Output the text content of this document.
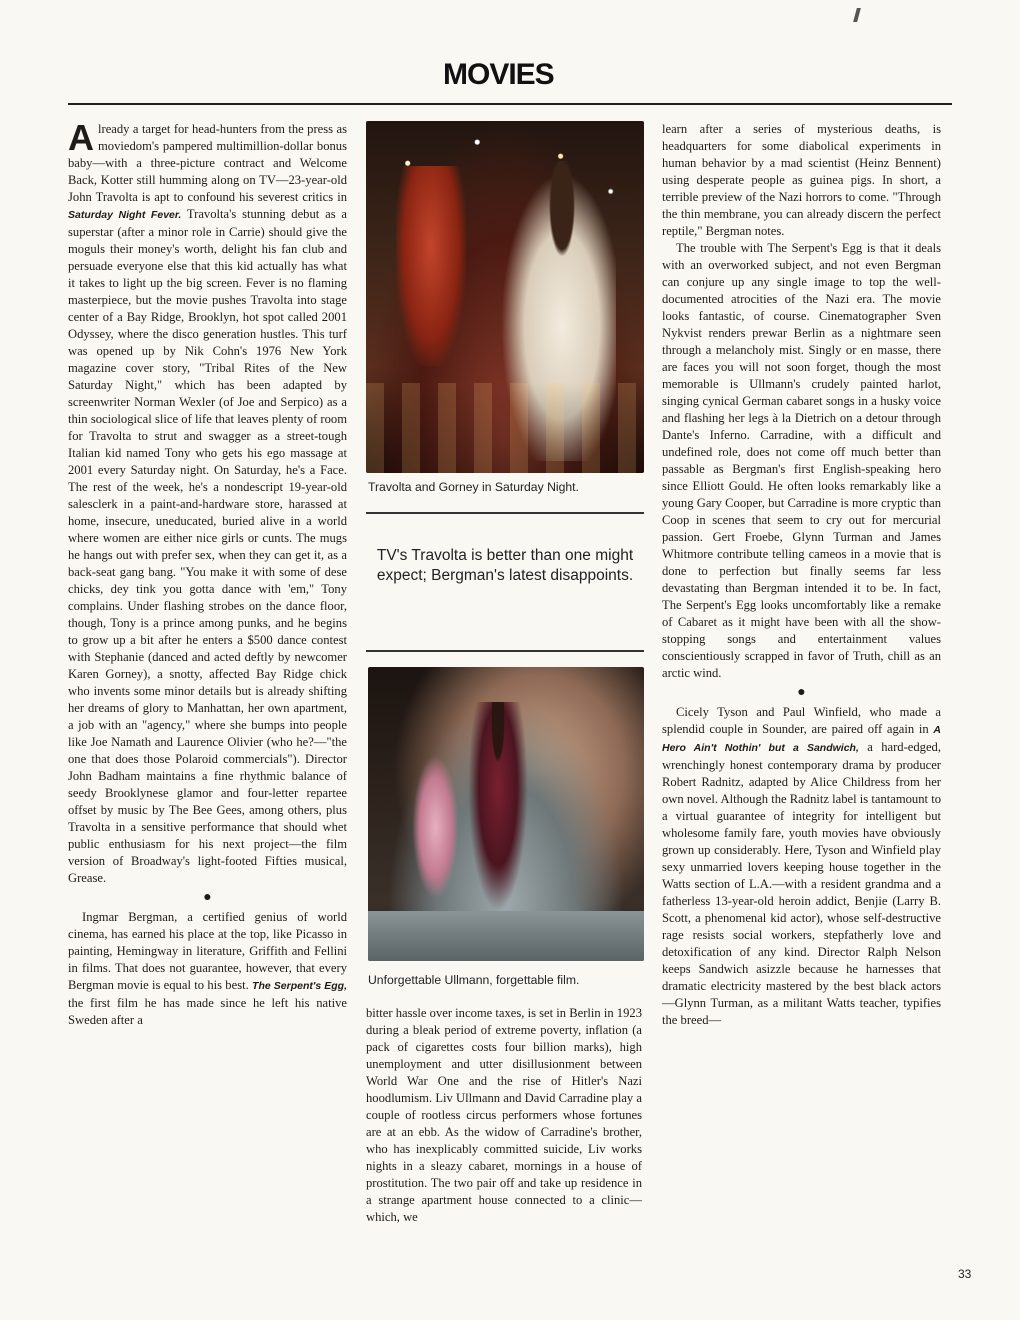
MOVIES

Already a target for head-hunters from the press as moviedom's pampered multimillion-dollar bonus baby—with a three-picture contract and Welcome Back, Kotter still humming along on TV—23-year-old John Travolta is apt to confound his severest critics in Saturday Night Fever. Travolta's stunning debut as a superstar (after a minor role in Carrie) should give the moguls their money's worth, delight his fan club and persuade everyone else that this kid actually has what it takes to light up the big screen. Fever is no flaming masterpiece, but the movie pushes Travolta into stage center of a Bay Ridge, Brooklyn, hot spot called 2001 Odyssey, where the disco generation hustles. This turf was opened up by Nik Cohn's 1976 New York magazine cover story, "Tribal Rites of the New Saturday Night," which has been adapted by screenwriter Norman Wexler (of Joe and Serpico) as a thin sociological slice of life that leaves plenty of room for Travolta to strut and swagger as a street-tough Italian kid named Tony who gets his ego massage at 2001 every Saturday night. On Saturday, he's a Face. The rest of the week, he's a nondescript 19-year-old salesclerk in a paint-and-hardware store, harassed at home, insecure, uneducated, buried alive in a world where women are either nice girls or cunts. The mugs he hangs out with prefer sex, when they can get it, as a back-seat gang bang. "You make it with some of dese chicks, dey tink you gotta dance with 'em," Tony complains. Under flashing strobes on the dance floor, though, Tony is a prince among punks, and he begins to grow up a bit after he enters a $500 dance contest with Stephanie (danced and acted deftly by newcomer Karen Gorney), a snotty, affected Bay Ridge chick who invents some minor details but is already shifting her dreams of glory to Manhattan, her own apartment, a job with an "agency," where she bumps into people like Joe Namath and Laurence Olivier (who he?—"the one that does those Polaroid commercials"). Director John Badham maintains a fine rhythmic balance of seedy Brooklynese glamor and four-letter repartee offset by music by The Bee Gees, among others, plus Travolta in a sensitive performance that should whet public enthusiasm for his next project—the film version of Broadway's light-footed Fifties musical, Grease.

●

Ingmar Bergman, a certified genius of world cinema, has earned his place at the top, like Picasso in painting, Hemingway in literature, Griffith and Fellini in films. That does not guarantee, however, that every Bergman movie is equal to his best. The Serpent's Egg, the first film he has made since he left his native Sweden after a

Travolta and Gorney in Saturday Night.
TV's Travolta is better than one might expect; Bergman's latest disappoints.
Unforgettable Ullmann, forgettable film.

bitter hassle over income taxes, is set in Berlin in 1923 during a bleak period of extreme poverty, inflation (a pack of cigarettes costs four billion marks), high unemployment and utter disillusionment between World War One and the rise of Hitler's Nazi hoodlumism. Liv Ullmann and David Carradine play a couple of rootless circus performers whose fortunes are at an ebb. As the widow of Carradine's brother, who has inexplicably committed suicide, Liv works nights in a sleazy cabaret, mornings in a house of prostitution. The two pair off and take up residence in a strange apartment house connected to a clinic—which, we

learn after a series of mysterious deaths, is headquarters for some diabolical experiments in human behavior by a mad scientist (Heinz Bennent) using desperate people as guinea pigs. In short, a terrible preview of the Nazi horrors to come. "Through the thin membrane, you can already discern the perfect reptile," Bergman notes.

The trouble with The Serpent's Egg is that it deals with an overworked subject, and not even Bergman can conjure up any single image to top the well-documented atrocities of the Nazi era. The movie looks fantastic, of course. Cinematographer Sven Nykvist renders prewar Berlin as a nightmare seen through a melancholy mist. Singly or en masse, there are faces you will not soon forget, though the most memorable is Ullmann's crudely painted harlot, singing cynical German cabaret songs in a husky voice and flashing her legs à la Dietrich on a detour through Dante's Inferno. Carradine, with a difficult and undefined role, does not come off much better than passable as Bergman's first English-speaking hero since Elliott Gould. He often looks remarkably like a young Gary Cooper, but Carradine is more cryptic than Coop in scenes that seem to cry out for mercurial passion. Gert Froebe, Glynn Turman and James Whitmore contribute telling cameos in a movie that is done to perfection but finally seems far less devastating than Bergman intended it to be. In fact, The Serpent's Egg looks uncomfortably like a remake of Cabaret as it might have been with all the show-stopping songs and entertainment values conscientiously scrapped in favor of Truth, chill as an arctic wind.

●

Cicely Tyson and Paul Winfield, who made a splendid couple in Sounder, are paired off again in A Hero Ain't Nothin' but a Sandwich, a hard-edged, wrenchingly honest contemporary drama by producer Robert Radnitz, adapted by Alice Childress from her own novel. Although the Radnitz label is tantamount to a virtual guarantee of integrity for intelligent but wholesome family fare, youth movies have obviously grown up considerably. Here, Tyson and Winfield play sexy unmarried lovers keeping house together in the Watts section of L.A.—with a resident grandma and a fatherless 13-year-old heroin addict, Benjie (Larry B. Scott, a phenomenal kid actor), whose self-destructive rage resists social workers, stepfatherly love and detoxification of any kind. Director Ralph Nelson keeps Sandwich asizzle because he harnesses that dramatic electricity mastered by the best black actors—Glynn Turman, as a militant Watts teacher, typifies the breed—

33
